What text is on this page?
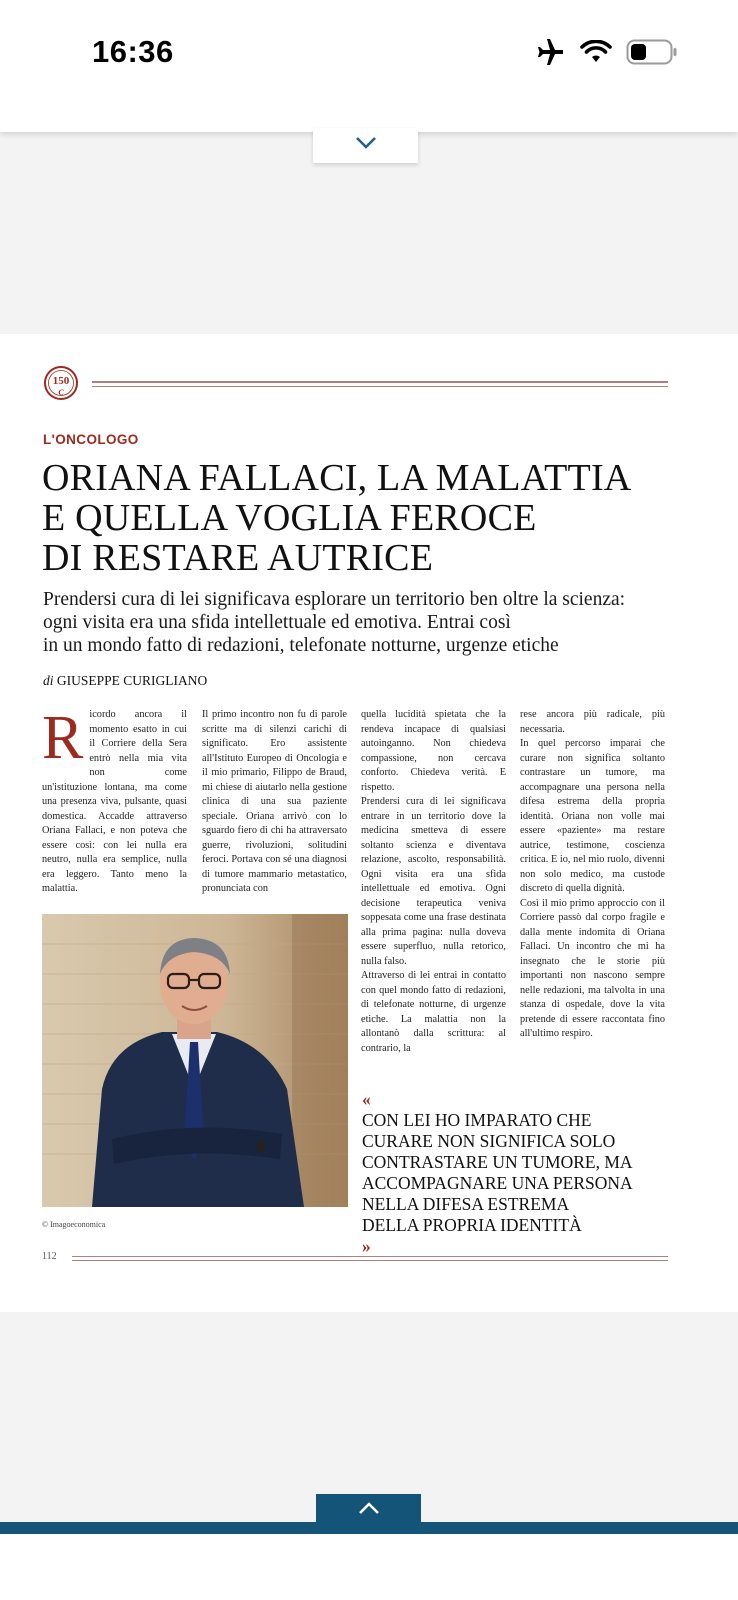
16:36
150
C
L'ONCOLOGO
ORIANA FALLACI, LA MALATTIA
E QUELLA VOGLIA FEROCE
DI RESTARE AUTRICE
Prendersi cura di lei significava esplorare un territorio ben oltre la scienza:
ogni visita era una sfida intellettuale ed emotiva. Entrai così
in un mondo fatto di redazioni, telefonate notturne, urgenze etiche
di GIUSEPPE CURIGLIANO
R icordo ancora il momento esatto in cui il Corriere della Sera entrò nella mia vita non come un'istituzione lontana, ma come una presenza viva, pulsante, quasi domestica. Accadde attraverso Oriana Fallaci, e non poteva che essere così: con lei nulla era neutro, nulla era semplice, nulla era leggero. Tanto meno la malattia.

Il primo incontro non fu di parole scritte ma di silenzi carichi di significato. Ero assistente all'Istituto Europeo di Oncologia e il mio primario, Filippo de Braud, mi chiese di aiutarlo nella gestione clinica di una sua paziente speciale. Oriana arrivò con lo sguardo fiero di chi ha attraversato guerre, rivoluzioni, solitudini feroci. Portava con sé una diagnosi di tumore mammario metastatico, pronunciata con

quella lucidità spietata che la rendeva incapace di qualsiasi autoinganno. Non chiedeva compassione, non cercava conforto. Chiedeva verità. E rispetto.

Prendersi cura di lei significava entrare in un territorio dove la medicina smetteva di essere soltanto scienza e diventava relazione, ascolto, responsabilità. Ogni visita era una sfida intellettuale ed emotiva. Ogni decisione terapeutica veniva soppesata come una frase destinata alla prima pagina: nulla doveva essere superfluo, nulla retorico, nulla falso.

Attraverso di lei entrai in contatto con quel mondo fatto di redazioni, di telefonate notturne, di urgenze etiche. La malattia non la allontanò dalla scrittura: al contrario, la

rese ancora più radicale, più necessaria.

In quel percorso imparai che curare non significa soltanto contrastare un tumore, ma accompagnare una persona nella difesa estrema della propria identità. Oriana non volle mai essere «paziente» ma restare autrice, testimone, coscienza critica. E io, nel mio ruolo, divenni non solo medico, ma custode discreto di quella dignità.

Così il mio primo approccio con il Corriere passò dal corpo fragile e dalla mente indomita di Oriana Fallaci. Un incontro che mi ha insegnato che le storie più importanti non nascono sempre nelle redazioni, ma talvolta in una stanza di ospedale, dove la vita pretende di essere raccontata fino all'ultimo respiro.

© Imagoeconomica
«
CON LEI HO IMPARATO CHE
CURARE NON SIGNIFICA SOLO
CONTRASTARE UN TUMORE, MA
ACCOMPAGNARE UNA PERSONA
NELLA DIFESA ESTREMA
DELLA PROPRIA IDENTITÀ
»
112
